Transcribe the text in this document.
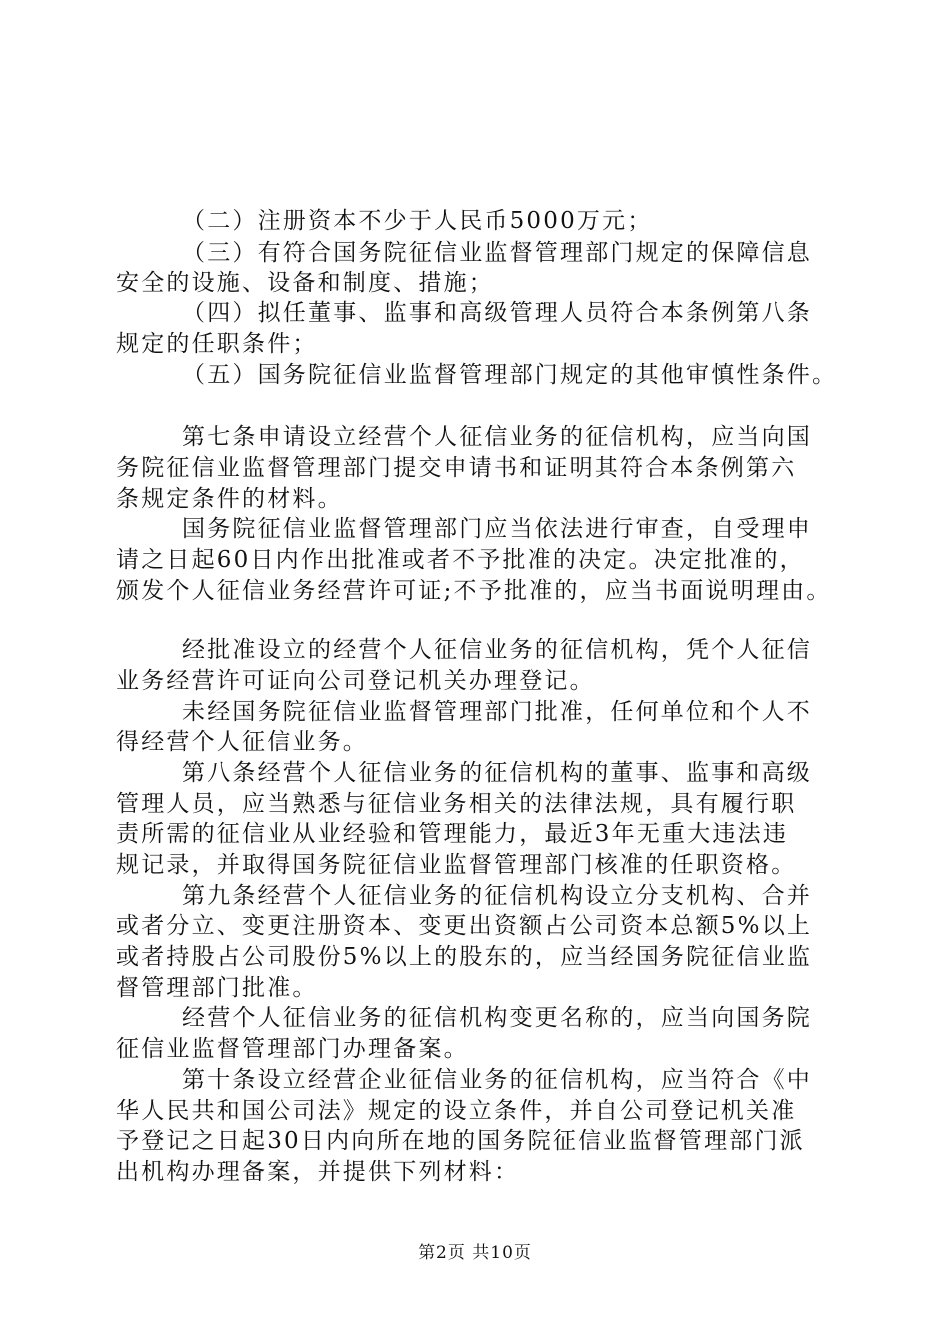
（二）注册资本不少于人民币5000万元；
（三）有符合国务院征信业监督管理部门规定的保障信息
安全的设施、设备和制度、措施；
（四）拟任董事、监事和高级管理人员符合本条例第八条
规定的任职条件；
（五）国务院征信业监督管理部门规定的其他审慎性条件。
第七条申请设立经营个人征信业务的征信机构，应当向国
务院征信业监督管理部门提交申请书和证明其符合本条例第六
条规定条件的材料。
国务院征信业监督管理部门应当依法进行审查，自受理申
请之日起60日内作出批准或者不予批准的决定。决定批准的，
颁发个人征信业务经营许可证;不予批准的，应当书面说明理由。
经批准设立的经营个人征信业务的征信机构，凭个人征信
业务经营许可证向公司登记机关办理登记。
未经国务院征信业监督管理部门批准，任何单位和个人不
得经营个人征信业务。
第八条经营个人征信业务的征信机构的董事、监事和高级
管理人员，应当熟悉与征信业务相关的法律法规，具有履行职
责所需的征信业从业经验和管理能力，最近3年无重大违法违
规记录，并取得国务院征信业监督管理部门核准的任职资格。
第九条经营个人征信业务的征信机构设立分支机构、合并
或者分立、变更注册资本、变更出资额占公司资本总额5%以上
或者持股占公司股份5%以上的股东的，应当经国务院征信业监
督管理部门批准。
经营个人征信业务的征信机构变更名称的，应当向国务院
征信业监督管理部门办理备案。
第十条设立经营企业征信业务的征信机构，应当符合《中
华人民共和国公司法》规定的设立条件，并自公司登记机关准
予登记之日起30日内向所在地的国务院征信业监督管理部门派
出机构办理备案，并提供下列材料：
第2页 共10页
